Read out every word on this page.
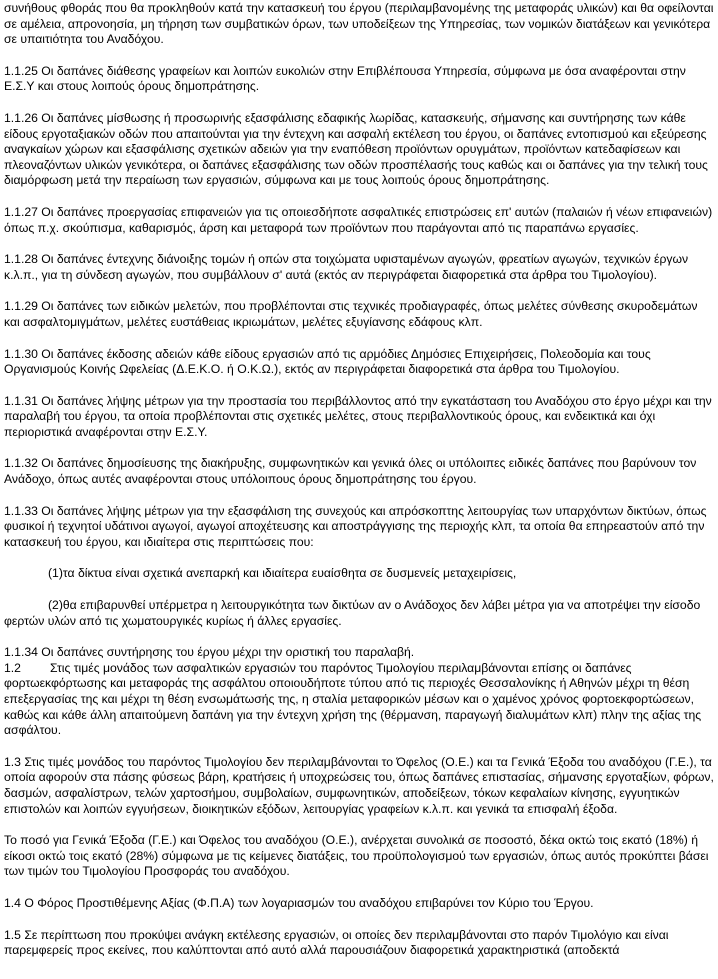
συνήθους φθοράς που θα προκληθούν κατά την κατασκευή του έργου (περιλαμβανομένης της μεταφοράς υλικών) και θα οφείλονται σε αμέλεια, απρονοησία, μη τήρηση των συμβατικών όρων, των υποδείξεων της Υπηρεσίας, των νομικών διατάξεων και γενικότερα σε υπαιτιότητα του Αναδόχου.

1.1.25 Οι δαπάνες διάθεσης γραφείων και λοιπών ευκολιών στην Επιβλέπουσα Υπηρεσία, σύμφωνα με όσα αναφέρονται στην Ε.Σ.Υ και στους λοιπούς όρους δημοπράτησης.

1.1.26 Οι δαπάνες μίσθωσης ή προσωρινής εξασφάλισης εδαφικής λωρίδας, κατασκευής, σήμανσης και συντήρησης των κάθε είδους εργοταξιακών οδών που απαιτούνται για την έντεχνη και ασφαλή εκτέλεση του έργου, οι δαπάνες εντοπισμού και εξεύρεσης αναγκαίων χώρων και εξασφάλισης σχετικών αδειών για την εναπόθεση προϊόντων ορυγμάτων, προϊόντων κατεδαφίσεων και πλεοναζόντων υλικών γενικότερα, οι δαπάνες εξασφάλισης των οδών προσπέλασής τους καθώς και οι δαπάνες για την τελική τους διαμόρφωση μετά την περαίωση των εργασιών, σύμφωνα και με τους λοιπούς όρους δημοπράτησης.

1.1.27 Οι δαπάνες προεργασίας επιφανειών για τις οποιεσδήποτε ασφαλτικές επιστρώσεις επ' αυτών (παλαιών ή νέων επιφανειών) όπως π.χ. σκούπισμα, καθαρισμός, άρση και μεταφορά των προϊόντων που παράγονται από τις παραπάνω εργασίες.

1.1.28 Οι δαπάνες έντεχνης διάνοιξης τομών ή οπών στα τοιχώματα υφισταμένων αγωγών, φρεατίων αγωγών, τεχνικών έργων κ.λ.π., για τη σύνδεση αγωγών, που συμβάλλουν σ' αυτά (εκτός αν περιγράφεται διαφορετικά στα άρθρα του Τιμολογίου).

1.1.29 Οι δαπάνες των ειδικών μελετών, που προβλέπονται στις τεχνικές προδιαγραφές, όπως μελέτες σύνθεσης σκυροδεμάτων και ασφαλτομιγμάτων, μελέτες ευστάθειας ικριωμάτων, μελέτες εξυγίανσης εδάφους κλπ.

1.1.30 Οι δαπάνες έκδοσης αδειών κάθε είδους εργασιών από τις αρμόδιες Δημόσιες Επιχειρήσεις, Πολεοδομία και τους Οργανισμούς Κοινής Ωφελείας (Δ.Ε.Κ.Ο. ή Ο.Κ.Ω.), εκτός αν περιγράφεται διαφορετικά στα άρθρα του Τιμολογίου.

1.1.31 Οι δαπάνες λήψης μέτρων για την προστασία του περιβάλλοντος από την εγκατάσταση του Αναδόχου στο έργο μέχρι και την παραλαβή του έργου, τα οποία προβλέπονται στις σχετικές μελέτες, στους περιβαλλοντικούς όρους, και ενδεικτικά και όχι περιοριστικά αναφέρονται στην Ε.Σ.Υ.

1.1.32 Οι δαπάνες δημοσίευσης της διακήρυξης, συμφωνητικών και γενικά όλες οι υπόλοιπες ειδικές δαπάνες που βαρύνουν τον Ανάδοχο, όπως αυτές αναφέρονται στους υπόλοιπους όρους δημοπράτησης του έργου.

1.1.33 Οι δαπάνες λήψης μέτρων για την εξασφάλιση της συνεχούς και απρόσκοπτης λειτουργίας των υπαρχόντων δικτύων, όπως φυσικοί ή τεχνητοί υδάτινοι αγωγοί, αγωγοί αποχέτευσης και αποστράγγισης της περιοχής κλπ, τα οποία θα επηρεαστούν από την κατασκευή του έργου, και ιδιαίτερα στις περιπτώσεις που:

(1)τα δίκτυα είναι σχετικά ανεπαρκή και ιδιαίτερα ευαίσθητα σε δυσμενείς μεταχειρίσεις,

(2)θα επιβαρυνθεί υπέρμετρα η λειτουργικότητα των δικτύων αν ο Ανάδοχος δεν λάβει μέτρα για να αποτρέψει την είσοδο φερτών υλών από τις χωματουργικές κυρίως ή άλλες εργασίες.

1.1.34 Οι δαπάνες συντήρησης του έργου μέχρι την οριστική του παραλαβή.

1.2 Στις τιμές μονάδος των ασφαλτικών εργασιών του παρόντος Τιμολογίου περιλαμβάνονται επίσης οι δαπάνες φορτωεκφόρτωσης και μεταφοράς της ασφάλτου οποιουδήποτε τύπου από τις περιοχές Θεσσαλονίκης ή Αθηνών μέχρι τη θέση επεξεργασίας της και μέχρι τη θέση ενσωμάτωσής της, η σταλία μεταφορικών μέσων και ο χαμένος χρόνος φορτοεκφορτώσεων, καθώς και κάθε άλλη απαιτούμενη δαπάνη για την έντεχνη χρήση της (θέρμανση, παραγωγή διαλυμάτων κλπ) πλην της αξίας της ασφάλτου.

1.3 Στις τιμές μονάδος του παρόντος Τιμολογίου δεν περιλαμβάνονται το Όφελος (Ο.Ε.) και τα Γενικά Έξοδα του αναδόχου (Γ.Ε.), τα οποία αφορούν στα πάσης φύσεως βάρη, κρατήσεις ή υποχρεώσεις του, όπως δαπάνες επιστασίας, σήμανσης εργοταξίων, φόρων, δασμών, ασφαλίστρων, τελών χαρτοσήμου, συμβολαίων, συμφωνητικών, αποδείξεων, τόκων κεφαλαίων κίνησης, εγγυητικών επιστολών και λοιπών εγγυήσεων, διοικητικών εξόδων, λειτουργίας γραφείων κ.λ.π. και γενικά τα επισφαλή έξοδα.

Το ποσό για Γενικά Έξοδα (Γ.Ε.) και Όφελος του αναδόχου (Ο.Ε.), ανέρχεται συνολικά σε ποσοστό, δέκα οκτώ τοις εκατό (18%) ή είκοσι οκτώ τοις εκατό (28%) σύμφωνα με τις κείμενες διατάξεις, του προϋπολογισμού των εργασιών, όπως αυτός προκύπτει βάσει των τιμών του Τιμολογίου Προσφοράς του αναδόχου.

1.4 Ο Φόρος Προστιθέμενης Αξίας (Φ.Π.Α) των λογαριασμών του αναδόχου επιβαρύνει τον Κύριο του Έργου.

1.5 Σε περίπτωση που προκύψει ανάγκη εκτέλεσης εργασιών, οι οποίες δεν περιλαμβάνονται στο παρόν Τιμολόγιο και είναι παρεμφερείς προς εκείνες, που καλύπτονται από αυτό αλλά παρουσιάζουν διαφορετικά χαρακτηριστικά (αποδεκτά
